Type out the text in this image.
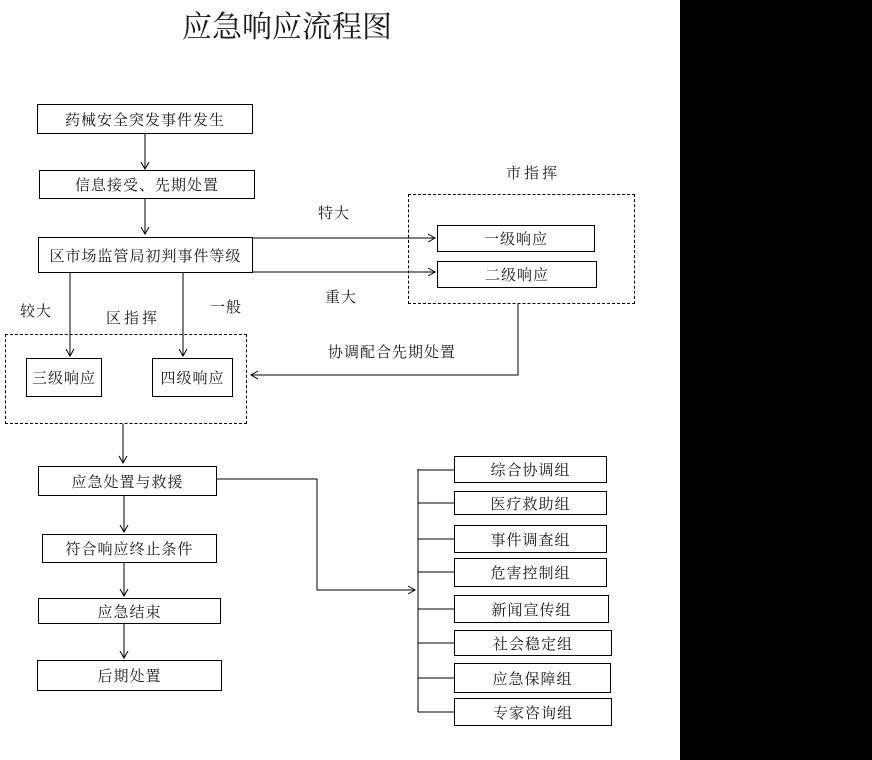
应急响应流程图
药械安全突发事件发生
信息接受、先期处置
区市场监管局初判事件等级
一级响应
二级响应
三级响应	四级响应
应急处置与救援
符合响应终止条件
应急结束
后期处置
综合协调组
医疗救助组
事件调查组
危害控制组
新闻宣传组
社会稳定组
应急保障组
专家咨询组
市指挥
区指挥
特大
重大
较大	一般
协调配合先期处置
